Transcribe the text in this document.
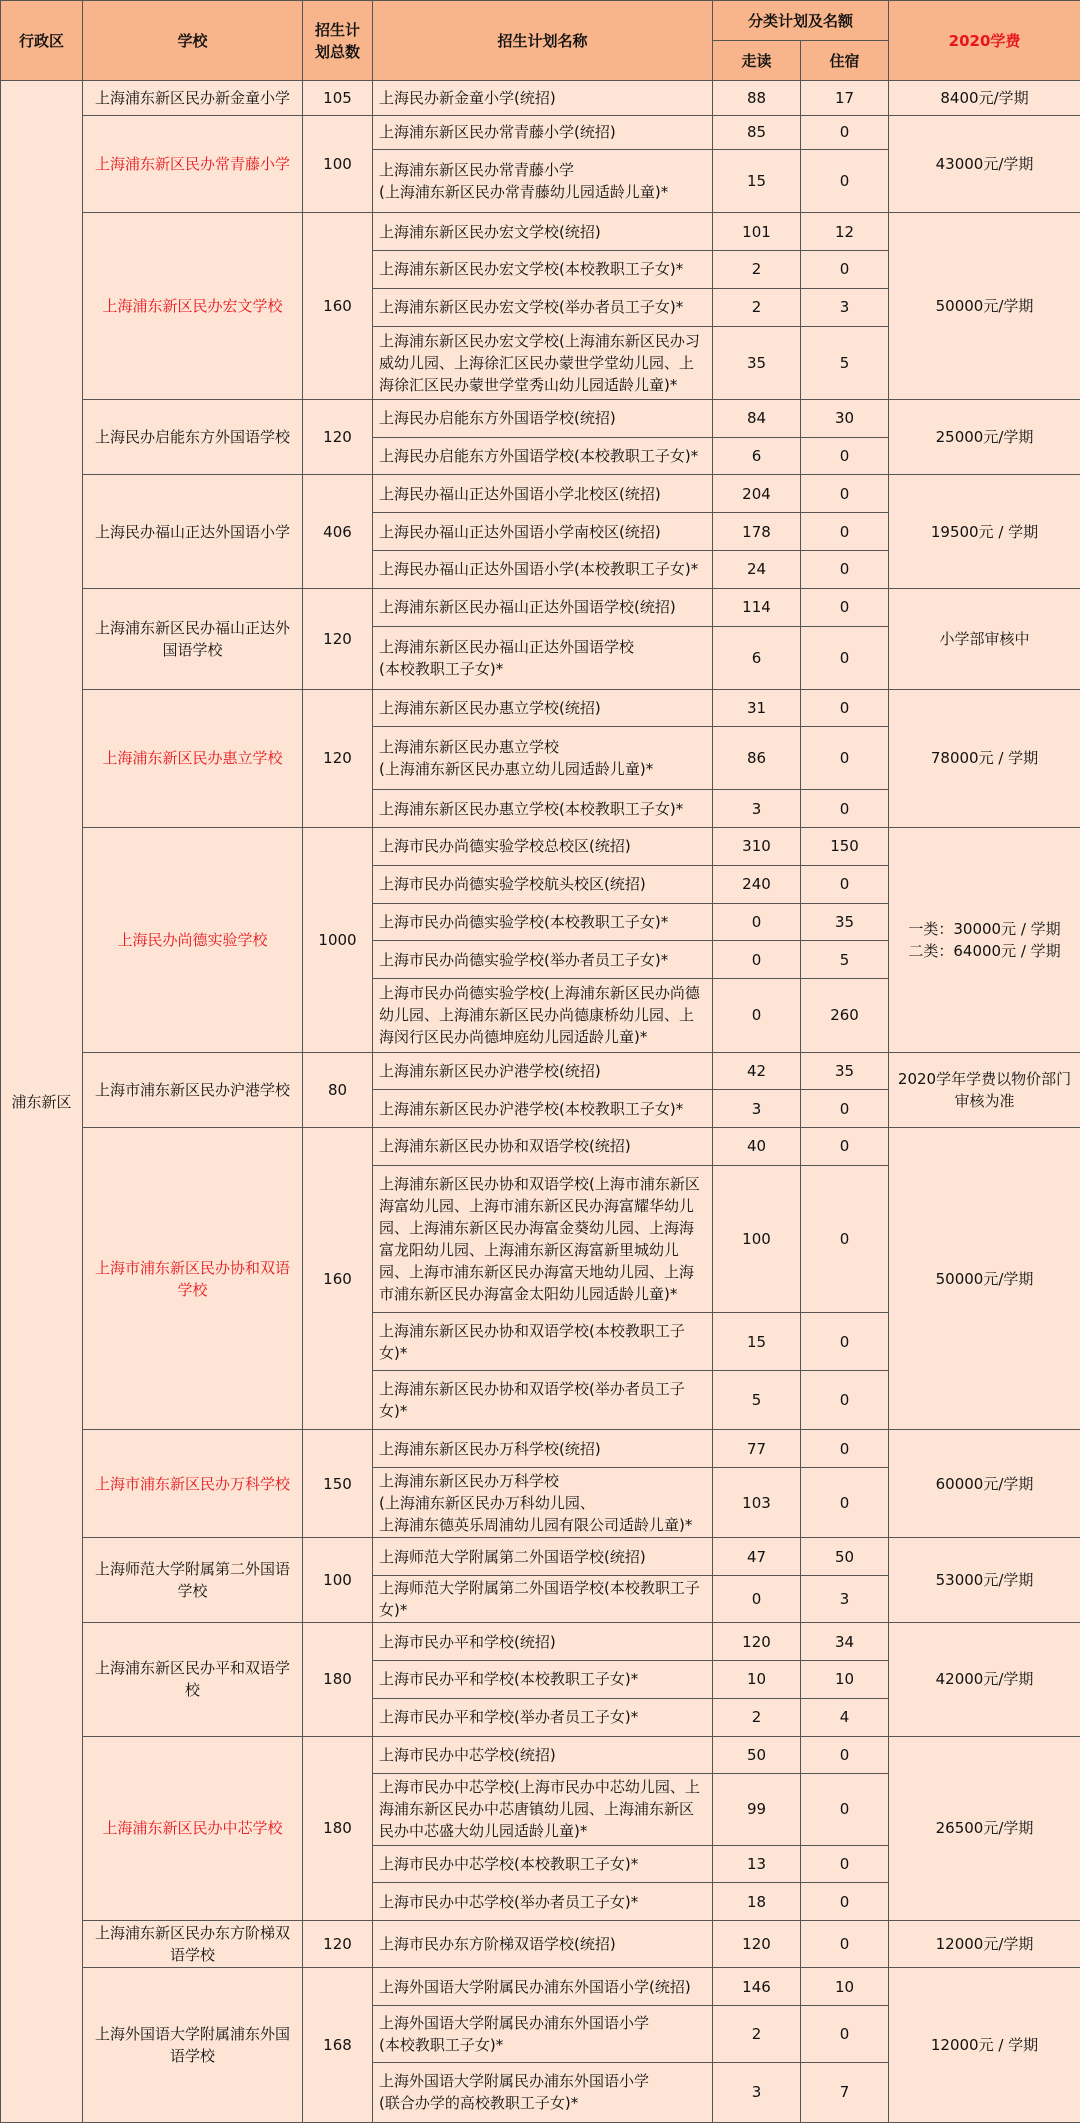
行政区	学校	招生计划总数	招生计划名称	分类计划及名额		2020学费
				走读	住宿	
浦东新区	上海浦东新区民办新金童小学	105	上海民办新金童小学(统招)	88	17	8400元/学期
	上海浦东新区民办常青藤小学	100	上海浦东新区民办常青藤小学(统招)	85	0	43000元/学期
			上海浦东新区民办常青藤小学
(上海浦东新区民办常青藤幼儿园适龄儿童)*	15	0	
	上海浦东新区民办宏文学校	160	上海浦东新区民办宏文学校(统招)	101	12	50000元/学期
			上海浦东新区民办宏文学校(本校教职工子女)*	2	0	
			上海浦东新区民办宏文学校(举办者员工子女)*	2	3	
			上海浦东新区民办宏文学校(上海浦东新区民办习威幼儿园、上海徐汇区民办蒙世学堂幼儿园、上海徐汇区民办蒙世学堂秀山幼儿园适龄儿童)*	35	5	
	上海民办启能东方外国语学校	120	上海民办启能东方外国语学校(统招)	84	30	25000元/学期
			上海民办启能东方外国语学校(本校教职工子女)*	6	0	
	上海民办福山正达外国语小学	406	上海民办福山正达外国语小学北校区(统招)	204	0	19500元 / 学期
			上海民办福山正达外国语小学南校区(统招)	178	0	
			上海民办福山正达外国语小学(本校教职工子女)*	24	0	
	上海浦东新区民办福山正达外国语学校	120	上海浦东新区民办福山正达外国语学校(统招)	114	0	小学部审核中
			上海浦东新区民办福山正达外国语学校
(本校教职工子女)*	6	0	
	上海浦东新区民办惠立学校	120	上海浦东新区民办惠立学校(统招)	31	0	78000元 / 学期
			上海浦东新区民办惠立学校
(上海浦东新区民办惠立幼儿园适龄儿童)*	86	0	
			上海浦东新区民办惠立学校(本校教职工子女)*	3	0	
	上海民办尚德实验学校	1000	上海市民办尚德实验学校总校区(统招)	310	150	一类：30000元 / 学期
二类：64000元 / 学期
			上海市民办尚德实验学校航头校区(统招)	240	0	
			上海市民办尚德实验学校(本校教职工子女)*	0	35	
			上海市民办尚德实验学校(举办者员工子女)*	0	5	
			上海市民办尚德实验学校(上海浦东新区民办尚德幼儿园、上海浦东新区民办尚德康桥幼儿园、上海闵行区民办尚德坤庭幼儿园适龄儿童)*	0	260	
	上海市浦东新区民办沪港学校	80	上海浦东新区民办沪港学校(统招)	42	35	2020学年学费以物价部门审核为准
			上海浦东新区民办沪港学校(本校教职工子女)*	3	0	
	上海市浦东新区民办协和双语学校	160	上海浦东新区民办协和双语学校(统招)	40	0	50000元/学期
			上海浦东新区民办协和双语学校(上海市浦东新区海富幼儿园、上海市浦东新区民办海富耀华幼儿园、上海浦东新区民办海富金葵幼儿园、上海海富龙阳幼儿园、上海浦东新区海富新里城幼儿园、上海市浦东新区民办海富天地幼儿园、上海市浦东新区民办海富金太阳幼儿园适龄儿童)*	100	0	
			上海浦东新区民办协和双语学校(本校教职工子女)*	15	0	
			上海浦东新区民办协和双语学校(举办者员工子女)*	5	0	
	上海市浦东新区民办万科学校	150	上海浦东新区民办万科学校(统招)	77	0	60000元/学期
			上海浦东新区民办万科学校
(上海浦东新区民办万科幼儿园、
上海浦东德英乐周浦幼儿园有限公司适龄儿童)*	103	0	
	上海师范大学附属第二外国语学校	100	上海师范大学附属第二外国语学校(统招)	47	50	53000元/学期
			上海师范大学附属第二外国语学校(本校教职工子女)*	0	3	
	上海浦东新区民办平和双语学校	180	上海市民办平和学校(统招)	120	34	42000元/学期
			上海市民办平和学校(本校教职工子女)*	10	10	
			上海市民办平和学校(举办者员工子女)*	2	4	
	上海浦东新区民办中芯学校	180	上海市民办中芯学校(统招)	50	0	26500元/学期
			上海市民办中芯学校(上海市民办中芯幼儿园、上海浦东新区民办中芯唐镇幼儿园、上海浦东新区民办中芯盛大幼儿园适龄儿童)*	99	0	
			上海市民办中芯学校(本校教职工子女)*	13	0	
			上海市民办中芯学校(举办者员工子女)*	18	0	
	上海浦东新区民办东方阶梯双语学校	120	上海市民办东方阶梯双语学校(统招)	120	0	12000元/学期
	上海外国语大学附属浦东外国语学校	168	上海外国语大学附属民办浦东外国语小学(统招)	146	10	12000元 / 学期
			上海外国语大学附属民办浦东外国语小学
(本校教职工子女)*	2	0	
			上海外国语大学附属民办浦东外国语小学
(联合办学的高校教职工子女)*	3	7	
